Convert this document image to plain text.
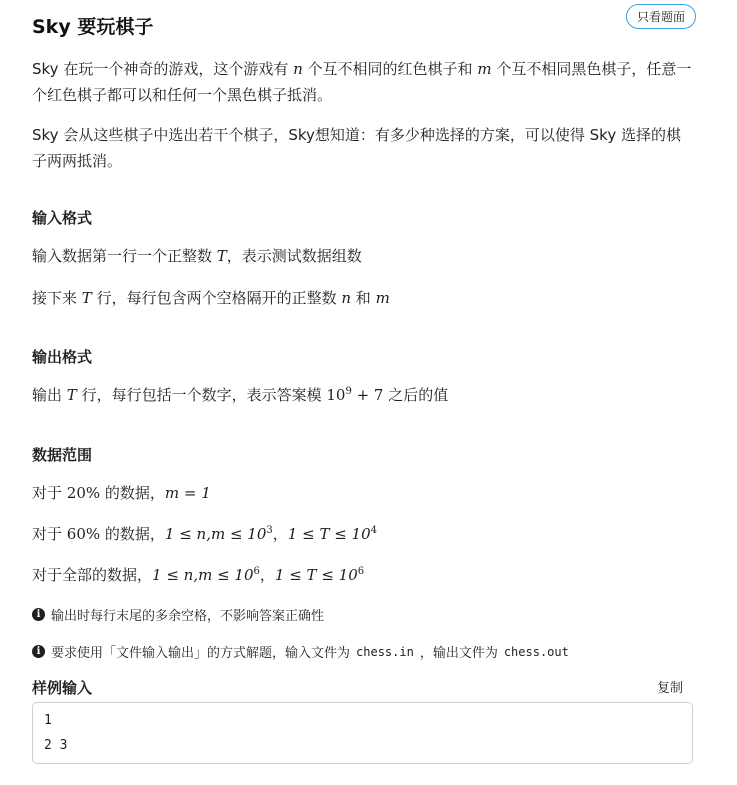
Sky 要玩棋子	只看题面

Sky 在玩一个神奇的游戏，这个游戏有 n 个互不相同的红色棋子和 m 个互不相同黑色棋子，任意一个红色棋子都可以和任何一个黑色棋子抵消。

Sky 会从这些棋子中选出若干个棋子，Sky想知道：有多少种选择的方案，可以使得 Sky 选择的棋子两两抵消。

输入格式

输入数据第一行一个正整数 T，表示测试数据组数

接下来 T 行，每行包含两个空格隔开的正整数 n 和 m

输出格式

输出 T 行，每行包括一个数字，表示答案模 $10^9 + 7$ 之后的值

数据范围

对于 20% 的数据，m = 1

对于 60% 的数据，$1 \le n,m \le 10^3$，$1 \le T \le 10^4$

对于全部的数据，$1 \le n,m \le 10^6$，$1 \le T \le 10^6$

i 输出时每行末尾的多余空格，不影响答案正确性
i 要求使用「文件输入输出」的方式解题，输入文件为 chess.in ，输出文件为 chess.out
样例输入	复制
1
2 3
